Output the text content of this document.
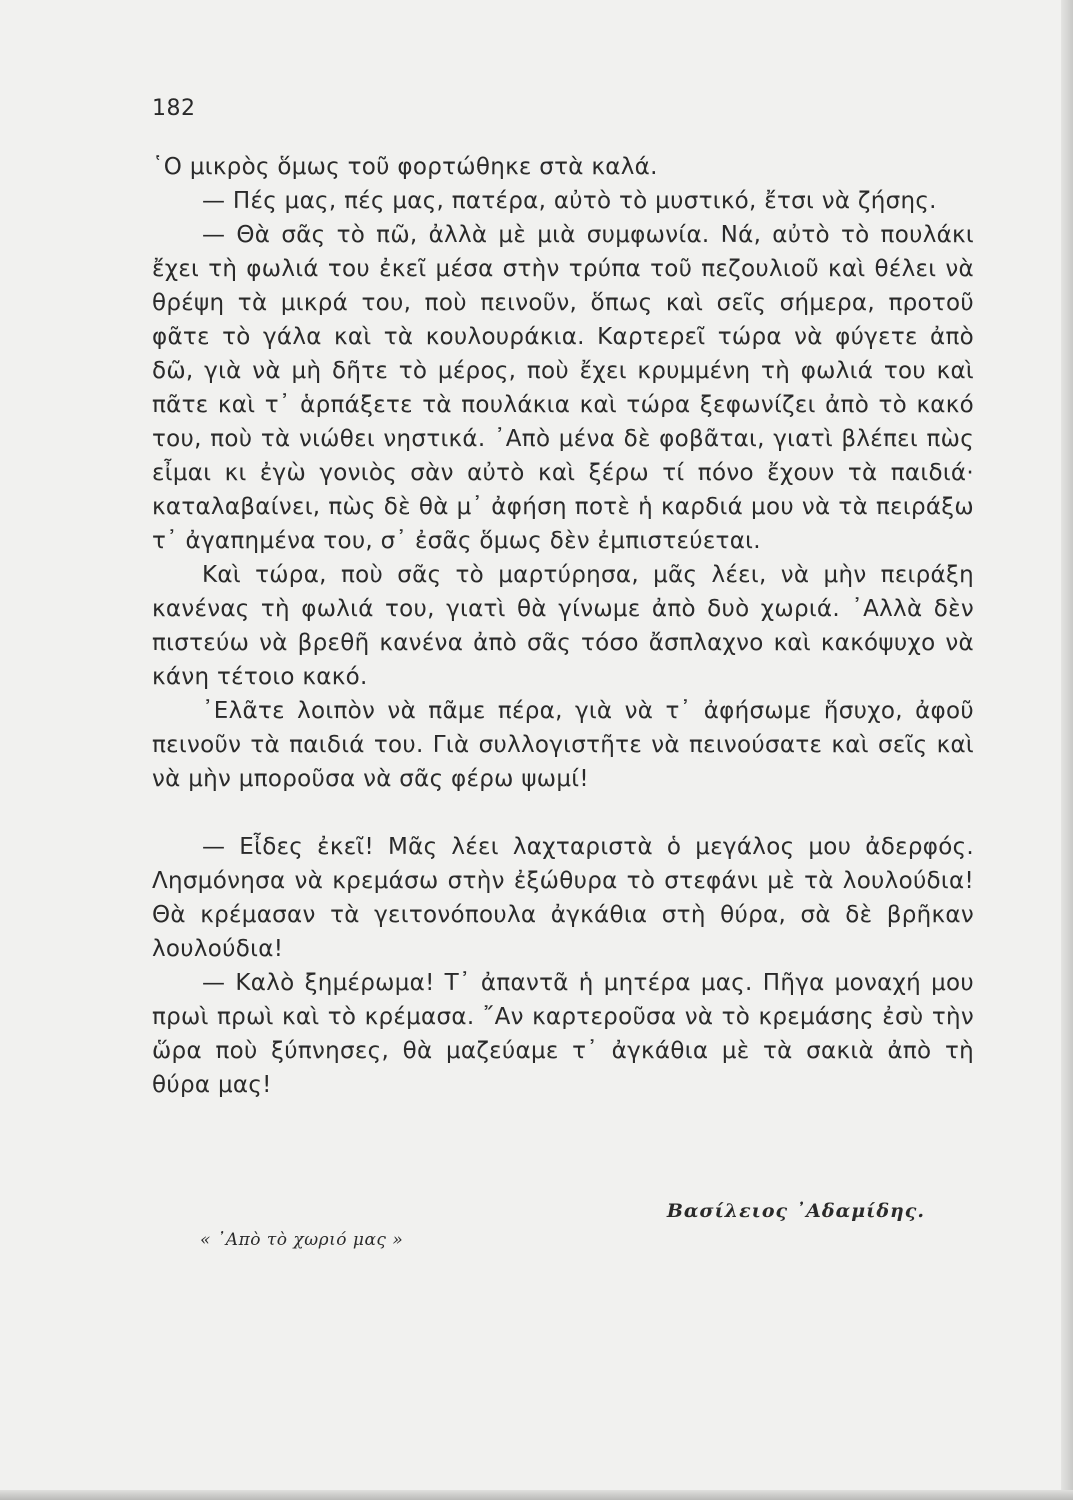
182

῾Ο μικρὸς ὅμως τοῦ φορτώθηκε στὰ καλά.

— Πές μας, πές μας, πατέρα, αὐτὸ τὸ μυστικό, ἔτσι νὰ ζήσης.

— Θὰ σᾶς τὸ πῶ, ἀλλὰ μὲ μιὰ συμφωνία. Νά, αὐτὸ τὸ πουλάκι ἔχει τὴ φωλιά του ἐκεῖ μέσα στὴν τρύπα τοῦ πεζουλιοῦ καὶ θέλει νὰ θρέψη τὰ μικρά του, ποὺ πεινοῦν, ὅπως καὶ σεῖς σήμερα, προτοῦ φᾶτε τὸ γάλα καὶ τὰ κουλουράκια. Καρτερεῖ τώρα νὰ φύγετε ἀπὸ δῶ, γιὰ νὰ μὴ δῆτε τὸ μέρος, ποὺ ἔχει κρυμμένη τὴ φωλιά του καὶ πᾶτε καὶ τ᾽ ἁρπάξετε τὰ πουλάκια καὶ τώρα ξεφωνίζει ἀπὸ τὸ κακό του, ποὺ τὰ νιώθει νηστικά. ᾽Απὸ μένα δὲ φοβᾶται, γιατὶ βλέπει πὼς εἶμαι κι ἐγὼ γονιὸς σὰν αὐτὸ καὶ ξέρω τί πόνο ἔχουν τὰ παιδιά· καταλαβαίνει, πὼς δὲ θὰ μ᾽ ἀφήση ποτὲ ἡ καρδιά μου νὰ τὰ πειράξω τ᾽ ἀγαπημένα του, σ᾽ ἐσᾶς ὅμως δὲν ἐμπιστεύεται.

Καὶ τώρα, ποὺ σᾶς τὸ μαρτύρησα, μᾶς λέει, νὰ μὴν πειράξη κανένας τὴ φωλιά του, γιατὶ θὰ γίνωμε ἀπὸ δυὸ χωριά. ᾽Αλλὰ δὲν πιστεύω νὰ βρεθῆ κανένα ἀπὸ σᾶς τόσο ἄσπλαχνο καὶ κακόψυχο νὰ κάνη τέτοιο κακό.

᾽Ελᾶτε λοιπὸν νὰ πᾶμε πέρα, γιὰ νὰ τ᾽ ἀφήσωμε ἥσυχο, ἀφοῦ πεινοῦν τὰ παιδιά του. Γιὰ συλλογιστῆτε νὰ πεινούσατε καὶ σεῖς καὶ νὰ μὴν μποροῦσα νὰ σᾶς φέρω ψωμί!

— Εἶδες ἐκεῖ! Μᾶς λέει λαχταριστὰ ὁ μεγάλος μου ἀδερφός. Λησμόνησα νὰ κρεμάσω στὴν ἐξώθυρα τὸ στεφάνι μὲ τὰ λουλούδια! Θὰ κρέμασαν τὰ γειτονόπουλα ἀγκάθια στὴ θύρα, σὰ δὲ βρῆκαν λουλούδια!

— Καλὸ ξημέρωμα! Τ᾽ ἀπαντᾶ ἡ μητέρα μας. Πῆγα μοναχή μου πρωὶ πρωὶ καὶ τὸ κρέμασα. ῎Αν καρτεροῦσα νὰ τὸ κρεμάσης ἐσὺ τὴν ὥρα ποὺ ξύπνησες, θὰ μαζεύαμε τ᾽ ἀγκάθια μὲ τὰ σακιὰ ἀπὸ τὴ θύρα μας!

Βασίλειος ᾽Αδαμίδης.
« ᾽Απὸ τὸ χωριό μας »
